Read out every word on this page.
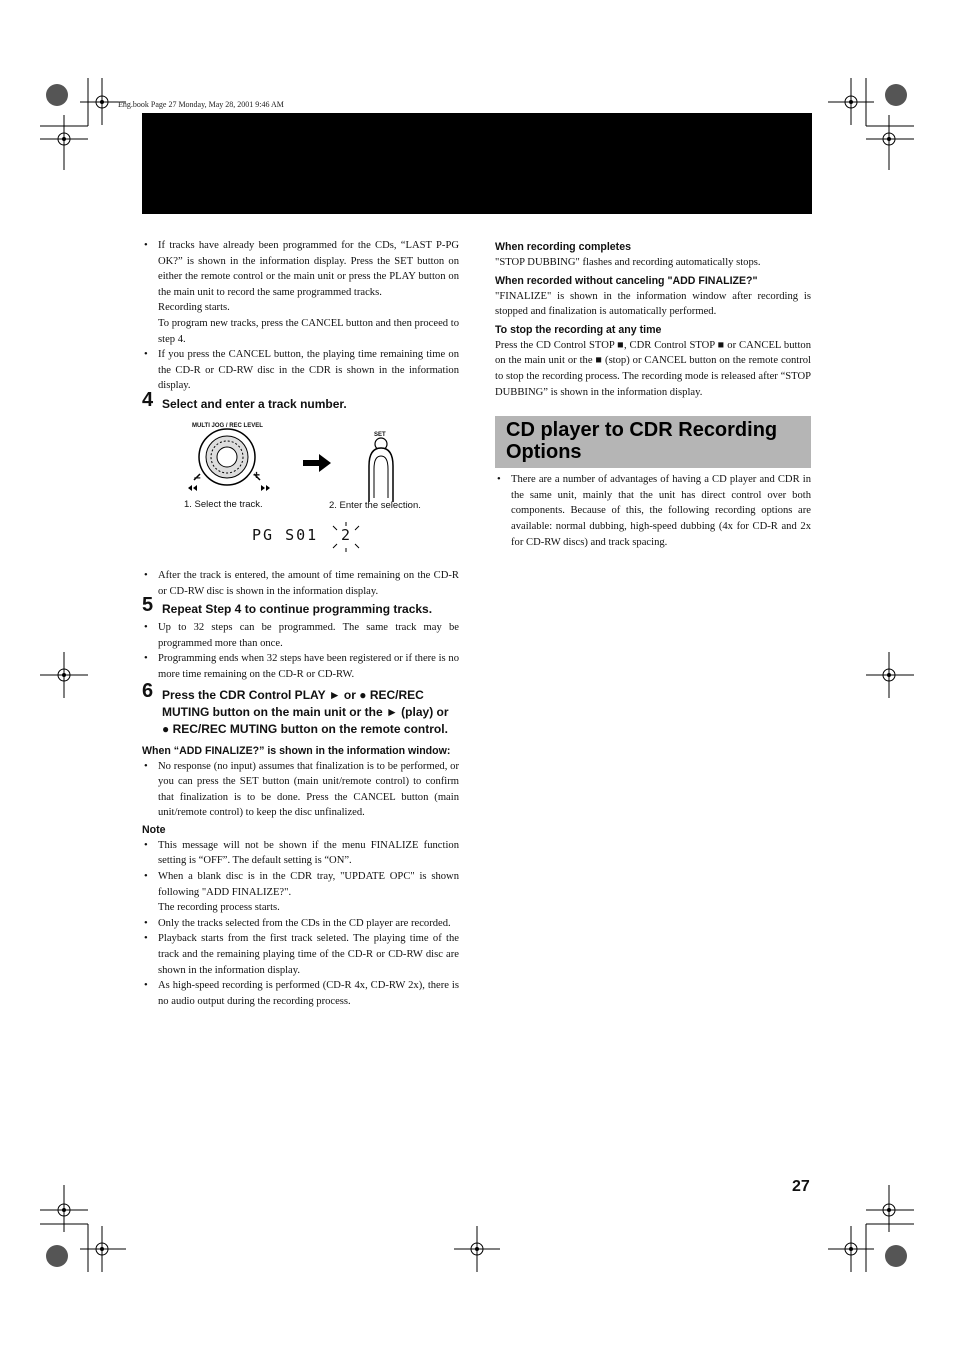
Eng.book Page 27 Monday, May 28, 2001 9:46 AM
• If tracks have already been programmed for the CDs, “LAST P-PG OK?” is shown in the information display. Press the SET button on either the remote control or the main unit or press the PLAY button on the main unit to record the same programmed tracks.
Recording starts.
To program new tracks, press the CANCEL button and then proceed to step 4.
• If you press the CANCEL button, the playing time remaining time on the CD-R or CD-RW disc in the CDR is shown in the information display.
4 Select and enter a track number.
MULTI JOG / REC LEVEL
–	+
SET
1. Select the track.	2. Enter the selection.
PG S01 2
• After the track is entered, the amount of time remaining on the CD-R or CD-RW disc is shown in the information display.
5 Repeat Step 4 to continue programming tracks.
• Up to 32 steps can be programmed. The same track may be programmed more than once.
• Programming ends when 32 steps have been registered or if there is no more time remaining on the CD-R or CD-RW.
6 Press the CDR Control PLAY ► or ● REC/REC MUTING button on the main unit or the ► (play) or ● REC/REC MUTING button on the remote control.
When “ADD FINALIZE?” is shown in the information window:
• No response (no input) assumes that finalization is to be performed, or you can press the SET button (main unit/remote control) to confirm that finalization is to be done. Press the CANCEL button (main unit/remote control) to keep the disc unfinalized.
Note
• This message will not be shown if the menu FINALIZE function setting is “OFF”. The default setting is “ON”.
• When a blank disc is in the CDR tray, "UPDATE OPC" is shown following "ADD FINALIZE?".
The recording process starts.
• Only the tracks selected from the CDs in the CD player are recorded.
• Playback starts from the first track seleted. The playing time of the track and the remaining playing time of the CD-R or CD-RW disc are shown in the information display.
• As high-speed recording is performed (CD-R 4x, CD-RW 2x), there is no audio output during the recording process.
When recording completes

"STOP DUBBING" flashes and recording automatically stops.

When recorded without canceling "ADD FINALIZE?"

"FINALIZE" is shown in the information window after recording is stopped and finalization is automatically performed.

To stop the recording at any time

Press the CD Control STOP ■, CDR Control STOP ■ or CANCEL button on the main unit or the ■ (stop) or CANCEL button on the remote control to stop the recording process. The recording mode is released after “STOP DUBBING” is shown in the information display.

CD player to CDR Recording Options
• There are a number of advantages of having a CD player and CDR in the same unit, mainly that the unit has direct control over both components. Because of this, the following recording options are available: normal dubbing, high-speed dubbing (4x for CD-R and 2x for CD-RW discs) and track spacing.
27
